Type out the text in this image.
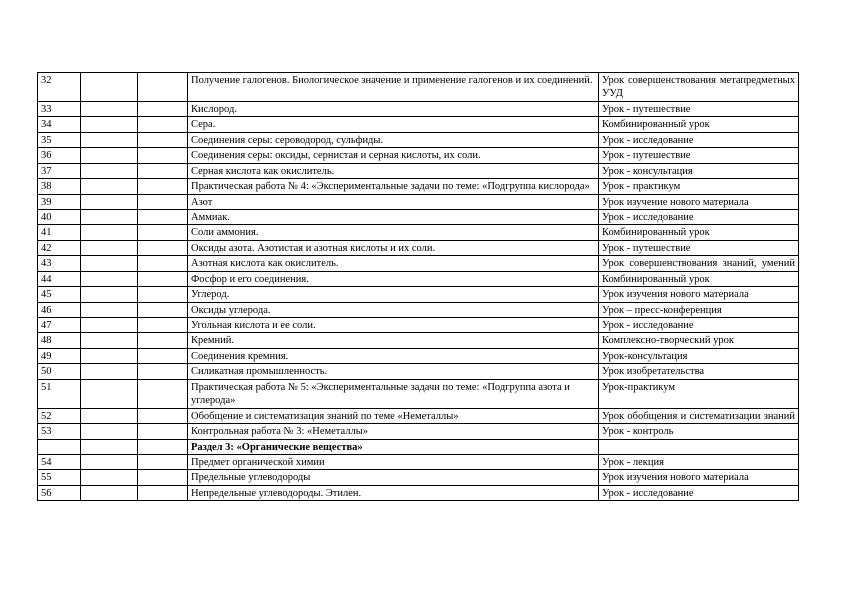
32			Получение галогенов. Биологическое значение и применение галогенов и их соединений.	Урок совершенствования метапредметных УУД
33			Кислород.	Урок - путешествие
34			Сера.	Комбинированный урок
35			Соединения серы: сероводород, сульфиды.	Урок - исследование
36			Соединения серы: оксиды, сернистая и серная кислоты, их соли.	Урок - путешествие
37			Серная кислота как окислитель.	Урок - консультация
38			Практическая работа № 4: «Экспериментальные задачи по теме: «Подгруппа кислорода»	Урок - практикум
39			Азот	Урок изучение нового материала
40			Аммиак.	Урок - исследование
41			Соли аммония.	Комбинированный урок
42			Оксиды азота. Азотистая и азотная кислоты и их соли.	Урок - путешествие
43			Азотная кислота как окислитель.	Урок совершенствования знаний, умений
44			Фосфор и его соединения.	Комбинированный урок
45			Углерод.	Урок изучения нового материала
46			Оксиды углерода.	Урок – пресс-конференция
47			Угольная кислота и ее соли.	Урок - исследование
48			Кремний.	Комплексно-творческий урок
49			Соединения кремния.	Урок-консультация
50			Силикатная промышленность.	Урок изобретательства
51			Практическая работа № 5: «Экспериментальные задачи по теме: «Подгруппа азота и углерода»	Урок-практикум
52			Обобщение и систематизация знаний по теме «Неметаллы»	Урок обобщения и систематизации знаний
53			Контрольная работа № 3: «Неметаллы»	Урок - контроль
			Раздел 3: «Органические вещества»	
54			Предмет органической химии	Урок - лекция
55			Предельные углеводороды	Урок изучения нового материала
56			Непредельные углеводороды. Этилен.	Урок - исследование
